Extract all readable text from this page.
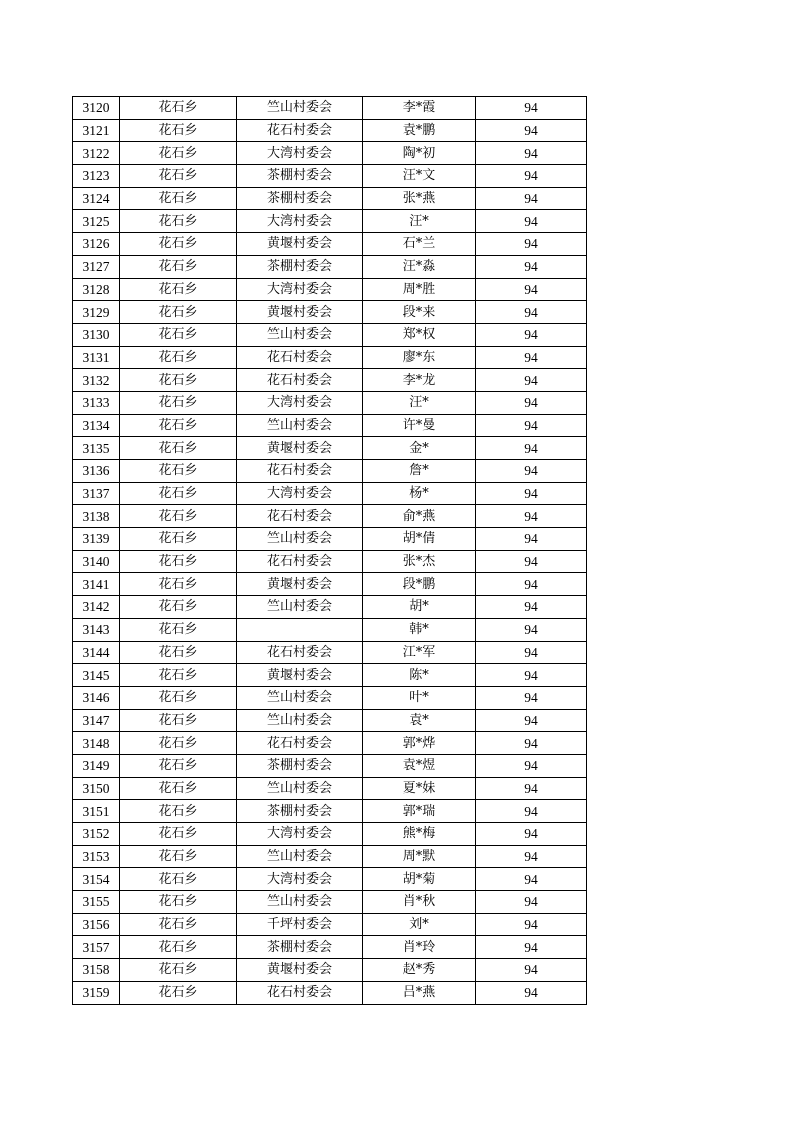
3120	花石乡	竺山村委会	李*霞	94
3121	花石乡	花石村委会	袁*鹏	94
3122	花石乡	大湾村委会	陶*初	94
3123	花石乡	茶棚村委会	汪*文	94
3124	花石乡	茶棚村委会	张*燕	94
3125	花石乡	大湾村委会	汪*	94
3126	花石乡	黄堰村委会	石*兰	94
3127	花石乡	茶棚村委会	汪*淼	94
3128	花石乡	大湾村委会	周*胜	94
3129	花石乡	黄堰村委会	段*来	94
3130	花石乡	竺山村委会	郑*权	94
3131	花石乡	花石村委会	廖*东	94
3132	花石乡	花石村委会	李*龙	94
3133	花石乡	大湾村委会	汪*	94
3134	花石乡	竺山村委会	许*曼	94
3135	花石乡	黄堰村委会	金*	94
3136	花石乡	花石村委会	詹*	94
3137	花石乡	大湾村委会	杨*	94
3138	花石乡	花石村委会	俞*燕	94
3139	花石乡	竺山村委会	胡*倩	94
3140	花石乡	花石村委会	张*杰	94
3141	花石乡	黄堰村委会	段*鹏	94
3142	花石乡	竺山村委会	胡*	94
3143	花石乡		韩*	94
3144	花石乡	花石村委会	江*军	94
3145	花石乡	黄堰村委会	陈*	94
3146	花石乡	竺山村委会	叶*	94
3147	花石乡	竺山村委会	袁*	94
3148	花石乡	花石村委会	郭*烨	94
3149	花石乡	茶棚村委会	袁*煜	94
3150	花石乡	竺山村委会	夏*妹	94
3151	花石乡	茶棚村委会	郭*瑞	94
3152	花石乡	大湾村委会	熊*梅	94
3153	花石乡	竺山村委会	周*默	94
3154	花石乡	大湾村委会	胡*菊	94
3155	花石乡	竺山村委会	肖*秋	94
3156	花石乡	千坪村委会	刘*	94
3157	花石乡	茶棚村委会	肖*玲	94
3158	花石乡	黄堰村委会	赵*秀	94
3159	花石乡	花石村委会	吕*燕	94
